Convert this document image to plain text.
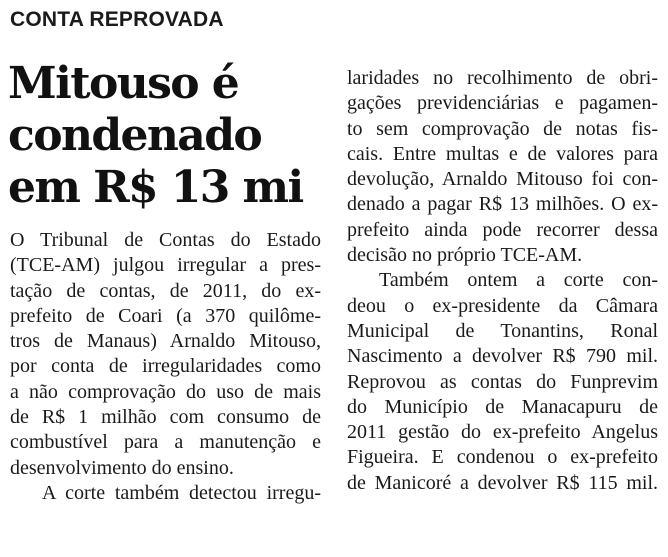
CONTA REPROVADA
Mitouso é
condenado
em R$ 13 mi
O Tribunal de Contas do Estado
(TCE-AM) julgou irregular a pres-
tação de contas, de 2011, do ex-
prefeito de Coari (a 370 quilôme-
tros de Manaus) Arnaldo Mitouso,
por conta de irregularidades como
a não comprovação do uso de mais
de R$ 1 milhão com consumo de
combustível para a manutenção e
desenvolvimento do ensino.
A corte também detectou irregu-
laridades no recolhimento de obri-
gações previdenciárias e pagamen-
to sem comprovação de notas fis-
cais. Entre multas e de valores para
devolução, Arnaldo Mitouso foi con-
denado a pagar R$ 13 milhões. O ex-
prefeito ainda pode recorrer dessa
decisão no próprio TCE-AM.
Também ontem a corte con-
deou o ex-presidente da Câmara
Municipal de Tonantins, Ronal
Nascimento a devolver R$ 790 mil.
Reprovou as contas do Funprevim
do Município de Manacapuru de
2011 gestão do ex-prefeito Angelus
Figueira. E condenou o ex-prefeito
de Manicoré a devolver R$ 115 mil.
